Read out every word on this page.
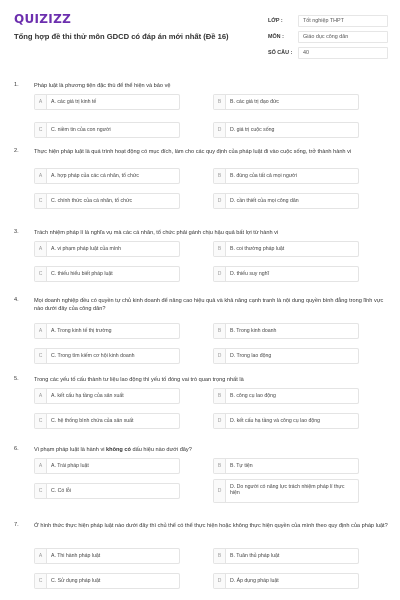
QUIZIZZ
Tổng hợp đề thi thử môn GDCD có đáp án mới nhất (Đề 16)
LỚP :	Tốt nghiệp THPT
MÔN :	Giáo dục công dân
SỐ CÂU :	40
1.	Pháp luật là phương tiện đặc thù để thể hiện và bảo vệ
A	A. các giá trị kinh tế	B	B. các giá trị đạo đức
C	C. niềm tin của con người	D	D. giá trị cuộc sống
2.	Thực hiện pháp luật là quá trình hoạt động có mục đích, làm cho các quy định của pháp luật đi vào cuộc sống, trở thành hành vi
A	A. hợp pháp của các cá nhân, tổ chức	B	B. đúng của tất cả mọi người
C	C. chính thức của cá nhân, tổ chức	D	D. cần thiết của mọi công dân
3.	Trách nhiệm pháp lí là nghĩa vụ mà các cá nhân, tổ chức phải gánh chịu hậu quả bất lợi từ hành vi
A	A. vi phạm pháp luật của mình	B	B. coi thường pháp luật
C	C. thiếu hiểu biết pháp luật	D	D. thiếu suy nghĩ
4.	Mọi doanh nghiệp đều có quyền tự chủ kinh doanh để nâng cao hiệu quả và khả năng cạnh tranh là nội dung quyền bình đẳng trong lĩnh vực nào dưới đây của công dân?
A	A. Trong kinh tế thị trường	B	B. Trong kinh doanh
C	C. Trong tìm kiếm cơ hội kinh doanh	D	D. Trong lao động
5.	Trong các yếu tố cấu thành tư liệu lao động thì yếu tố đóng vai trò quan trọng nhất là
A	A. kết cấu hạ tầng của sản xuất	B	B. công cụ lao động
C	C. hệ thống bình chứa của sản xuất	D	D. kết cấu hạ tầng và công cụ lao động
6.	Vi phạm pháp luật là hành vi không có dấu hiệu nào dưới đây?
A	A. Trái pháp luật	B	B. Tự tiện
C	C. Có lỗi	D
D. Do người có năng lực trách nhiệm pháp lí thực hiện
7.	Ở hình thức thực hiện pháp luật nào dưới đây thì chủ thể có thể thực hiện hoặc không thực hiện quyền của mình theo quy định của pháp luật?
A	A. Thi hành pháp luật	B	B. Tuân thủ pháp luật
C	C. Sử dụng pháp luật	D	D. Áp dụng pháp luật
